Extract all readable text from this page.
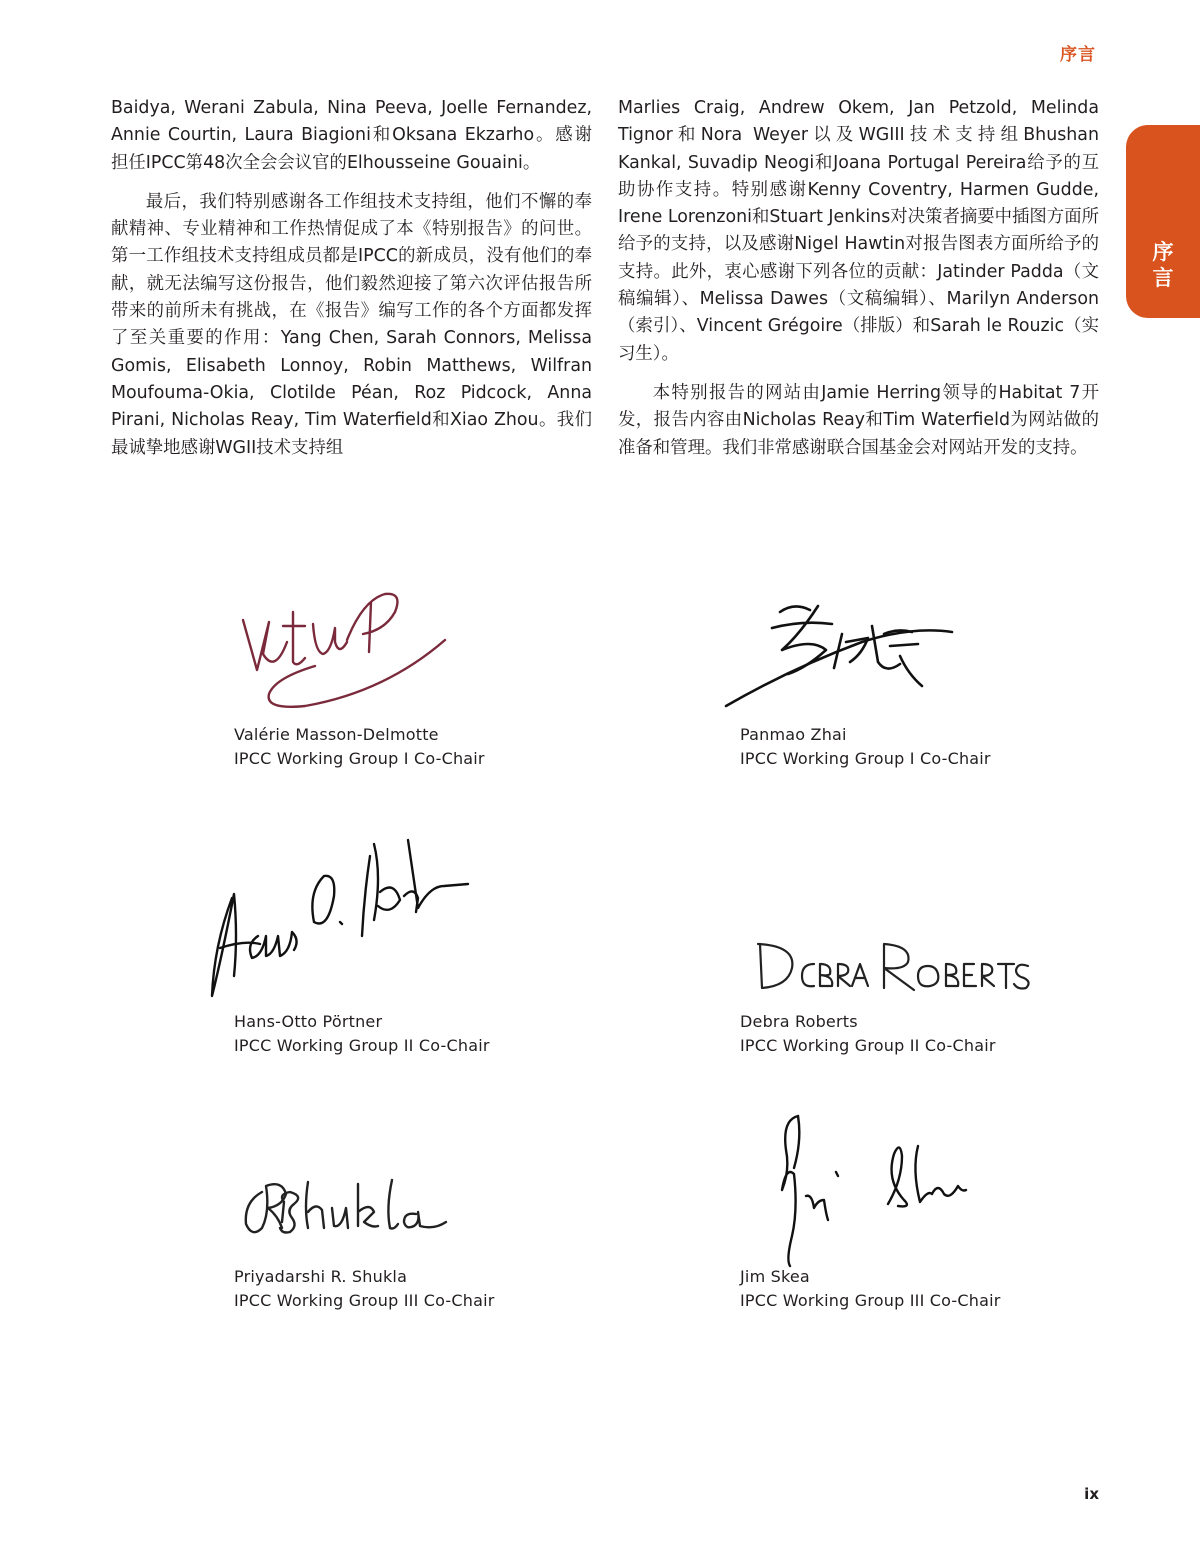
序言
序
言

Baidya, Werani Zabula, Nina Peeva, Joelle Fernandez, Annie Courtin, Laura Biagioni和Oksana Ekzarho。感谢担任IPCC第48次全会会议官的Elhousseine Gouaini。

最后，我们特别感谢各工作组技术支持组，他们不懈的奉献精神、专业精神和工作热情促成了本《特别报告》的问世。第一工作组技术支持组成员都是IPCC的新成员，没有他们的奉献，就无法编写这份报告，他们毅然迎接了第六次评估报告所带来的前所未有挑战，在《报告》编写工作的各个方面都发挥了至关重要的作用：Yang Chen, Sarah Connors, Melissa Gomis, Elisabeth Lonnoy, Robin Matthews, Wilfran Moufouma-Okia, Clotilde Péan, Roz Pidcock, Anna Pirani, Nicholas Reay, Tim Waterfield和Xiao Zhou。我们最诚挚地感谢WGII技术支持组

Marlies Craig, Andrew Okem, Jan Petzold, Melinda Tignor和Nora Weyer以及WGIII技术支持组Bhushan Kankal, Suvadip Neogi和Joana Portugal Pereira给予的互助协作支持。特别感谢Kenny Coventry, Harmen Gudde, Irene Lorenzoni和Stuart Jenkins对决策者摘要中插图方面所给予的支持，以及感谢Nigel Hawtin对报告图表方面所给予的支持。此外，衷心感谢下列各位的贡献：Jatinder Padda（文稿编辑）、Melissa Dawes（文稿编辑）、Marilyn Anderson（索引）、Vincent Grégoire（排版）和Sarah le Rouzic（实习生）。

本特别报告的网站由Jamie Herring领导的Habitat 7开发，报告内容由Nicholas Reay和Tim Waterfield为网站做的准备和管理。我们非常感谢联合国基金会对网站开发的支持。

Valérie Masson-Delmotte
IPCC Working Group I Co-Chair
Panmao Zhai
IPCC Working Group I Co-Chair
Hans-Otto Pörtner
IPCC Working Group II Co-Chair
Debra Roberts
IPCC Working Group II Co-Chair
Priyadarshi R. Shukla
IPCC Working Group III Co-Chair
Jim Skea
IPCC Working Group III Co-Chair
ix
